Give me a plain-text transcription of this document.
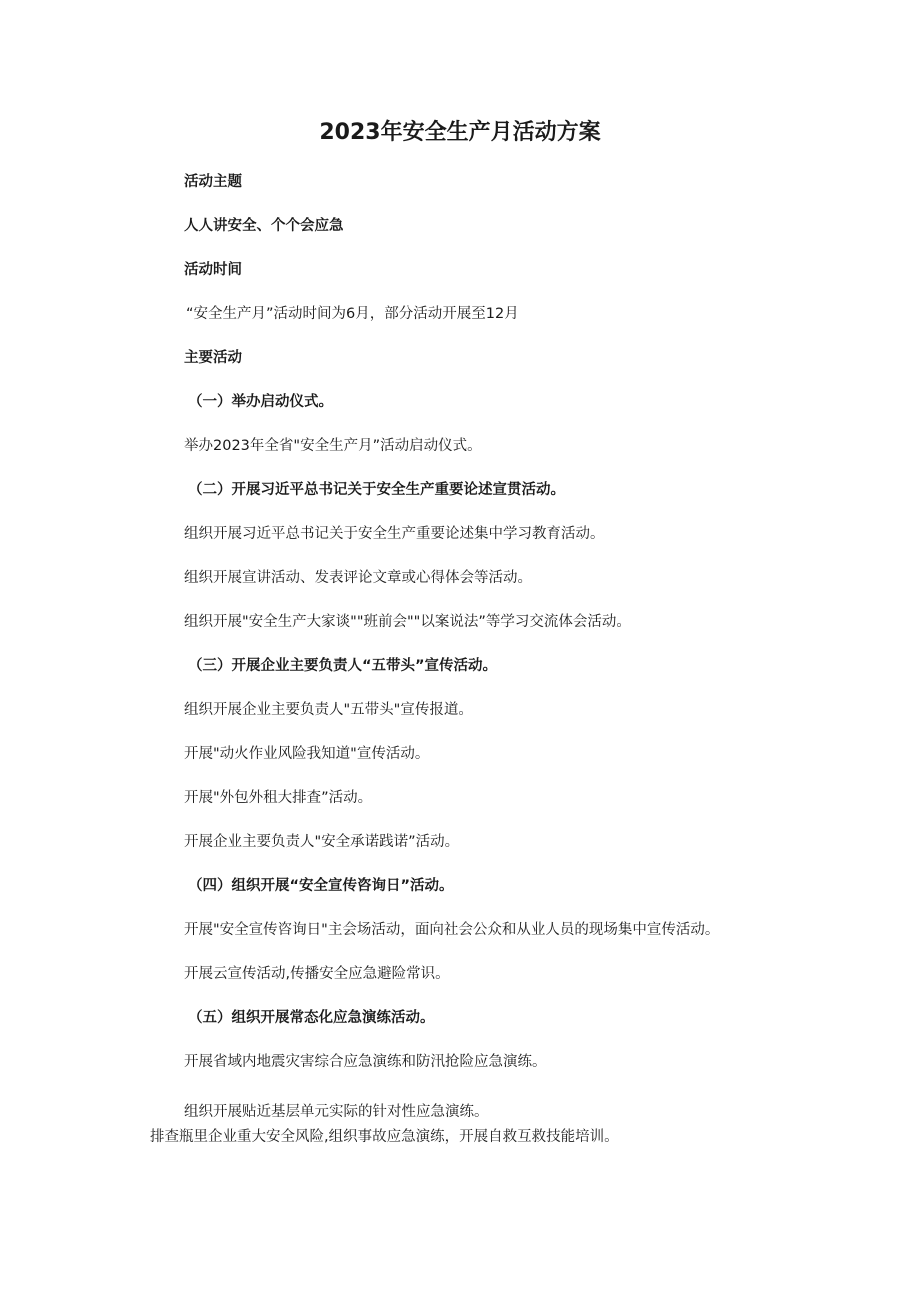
2023年安全生产月活动方案
活动主题
人人讲安全、个个会应急
活动时间
“安全生产月”活动时间为6月，部分活动开展至12月
主要活动
（一）举办启动仪式。
举办2023年全省"安全生产月”活动启动仪式。
（二）开展习近平总书记关于安全生产重要论述宣贯活动。
组织开展习近平总书记关于安全生产重要论述集中学习教育活动。
组织开展宣讲活动、发表评论文章或心得体会等活动。
组织开展"安全生产大家谈""班前会""以案说法”等学习交流体会活动。
（三）开展企业主要负责人“五带头”宣传活动。
组织开展企业主要负责人"五带头"宣传报道。
开展"动火作业风险我知道"宣传活动。
开展"外包外租大排査”活动。
开展企业主要负责人"安全承诺践诺”活动。
（四）组织开展“安全宣传咨询日”活动。
开展"安全宣传咨询日"主会场活动，面向社会公众和从业人员的现场集中宣传活动。
开展云宣传活动,传播安全应急避险常识。
（五）组织开展常态化应急演练活动。
开展省域内地震灾害综合应急演练和防汛抢险应急演练。
组织开展贴近基层单元实际的针对性应急演练。
排查瓶里企业重大安全风险,组织事故应急演练，开展自救互救技能培训。
